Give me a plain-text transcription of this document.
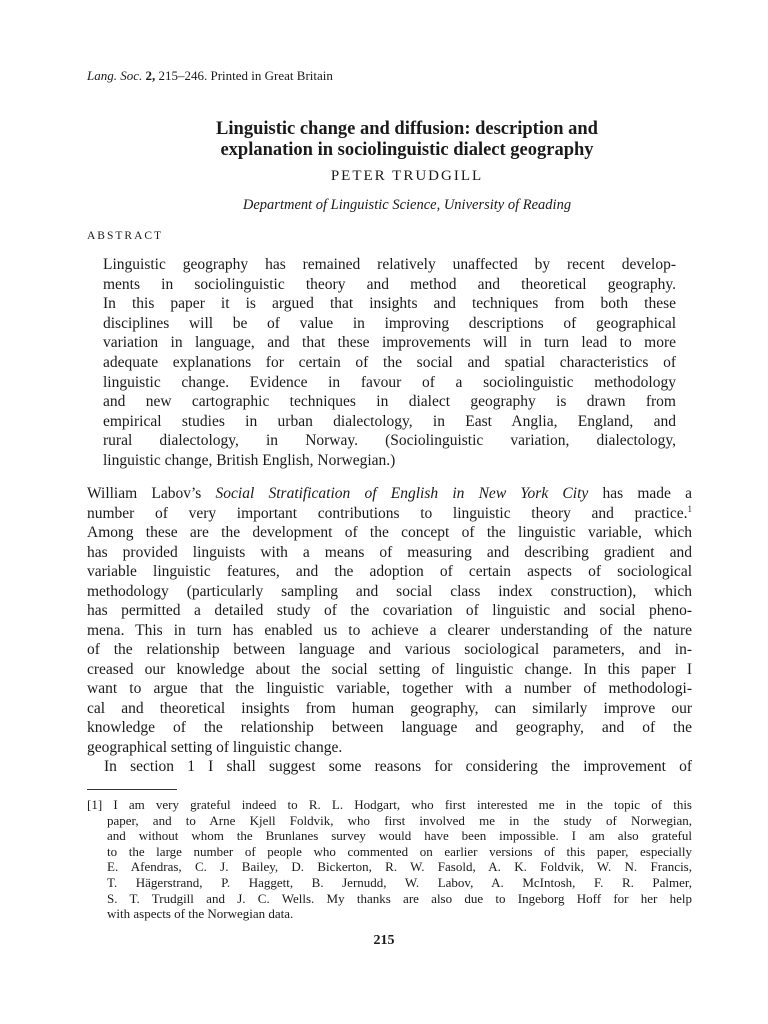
Lang. Soc. 2, 215–246. Printed in Great Britain
Linguistic change and diffusion: description and
explanation in sociolinguistic dialect geography
PETER TRUDGILL
Department of Linguistic Science, University of Reading
ABSTRACT
Linguistic geography has remained relatively unaffected by recent develop-
ments in sociolinguistic theory and method and theoretical geography.
In this paper it is argued that insights and techniques from both these
disciplines will be of value in improving descriptions of geographical
variation in language, and that these improvements will in turn lead to more
adequate explanations for certain of the social and spatial characteristics of
linguistic change. Evidence in favour of a sociolinguistic methodology
and new cartographic techniques in dialect geography is drawn from
empirical studies in urban dialectology, in East Anglia, England, and
rural dialectology, in Norway. (Sociolinguistic variation, dialectology,
linguistic change, British English, Norwegian.)
William Labov’s Social Stratification of English in New York City has made a
number of very important contributions to linguistic theory and practice.$^1$
Among these are the development of the concept of the linguistic variable, which
has provided linguists with a means of measuring and describing gradient and
variable linguistic features, and the adoption of certain aspects of sociological
methodology (particularly sampling and social class index construction), which
has permitted a detailed study of the covariation of linguistic and social pheno-
mena. This in turn has enabled us to achieve a clearer understanding of the nature
of the relationship between language and various sociological parameters, and in-
creased our knowledge about the social setting of linguistic change. In this paper I
want to argue that the linguistic variable, together with a number of methodologi-
cal and theoretical insights from human geography, can similarly improve our
knowledge of the relationship between language and geography, and of the
geographical setting of linguistic change.
In section 1 I shall suggest some reasons for considering the improvement of
[1] I am very grateful indeed to R. L. Hodgart, who first interested me in the topic of this
paper, and to Arne Kjell Foldvik, who first involved me in the study of Norwegian,
and without whom the Brunlanes survey would have been impossible. I am also grateful
to the large number of people who commented on earlier versions of this paper, especially
E. Afendras, C. J. Bailey, D. Bickerton, R. W. Fasold, A. K. Foldvik, W. N. Francis,
T. Hägerstrand, P. Haggett, B. Jernudd, W. Labov, A. McIntosh, F. R. Palmer,
S. T. Trudgill and J. C. Wells. My thanks are also due to Ingeborg Hoff for her help
with aspects of the Norwegian data.
215
